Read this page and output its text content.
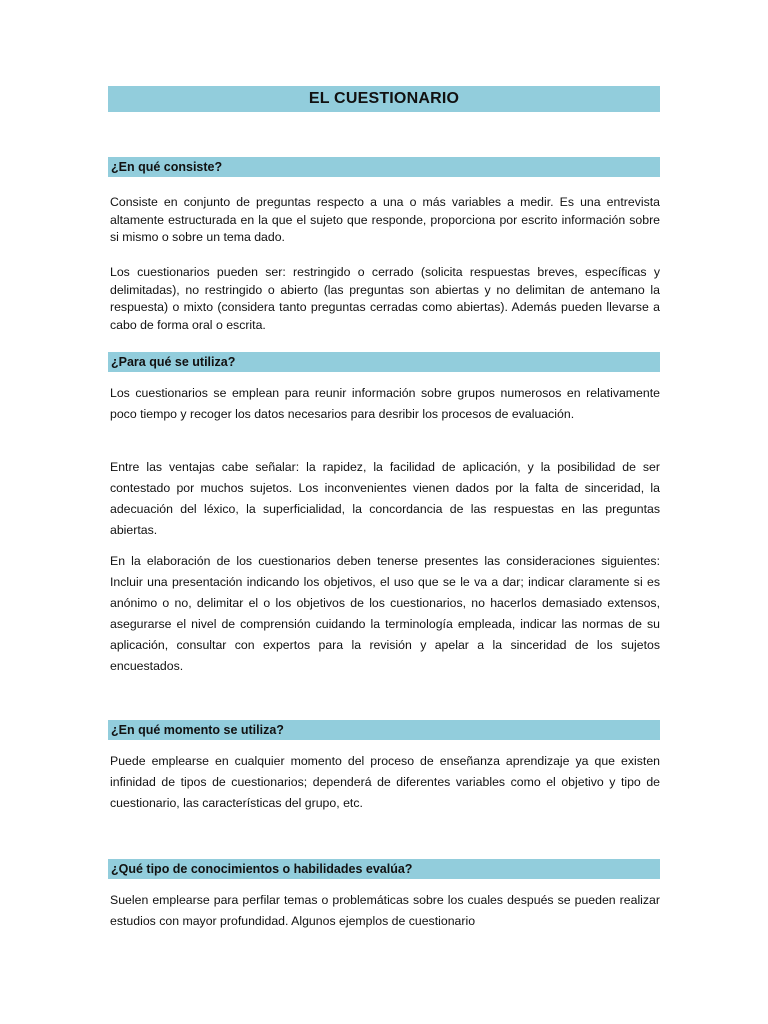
EL CUESTIONARIO
¿En qué consiste?

Consiste en conjunto de preguntas respecto a una o más variables a medir. Es una entrevista altamente estructurada en la que el sujeto que responde, proporciona por escrito información sobre si mismo o sobre un tema dado.

Los cuestionarios pueden ser: restringido o cerrado (solicita respuestas breves, específicas y delimitadas), no restringido o abierto (las preguntas son abiertas y no delimitan de antemano la respuesta) o mixto (considera tanto preguntas cerradas como abiertas). Además pueden llevarse a cabo de forma oral o escrita.

¿Para qué se utiliza?

Los cuestionarios se emplean para reunir información sobre grupos numerosos en relativamente poco tiempo y recoger los datos necesarios para desribir los procesos de evaluación.

Entre las ventajas cabe señalar: la rapidez, la facilidad de aplicación, y la posibilidad de ser contestado por muchos sujetos. Los inconvenientes vienen dados por la falta de sinceridad, la adecuación del léxico, la superficialidad, la concordancia de las respuestas en las preguntas abiertas.

En la elaboración de los cuestionarios deben tenerse presentes las consideraciones siguientes: Incluir una presentación indicando los objetivos, el uso que se le va a dar; indicar claramente si es anónimo o no, delimitar el o los objetivos de los cuestionarios, no hacerlos demasiado extensos, asegurarse el nivel de comprensión cuidando la terminología empleada, indicar las normas de su aplicación, consultar con expertos para la revisión y apelar a la sinceridad de los sujetos encuestados.

¿En qué momento se utiliza?

Puede emplearse en cualquier momento del proceso de enseñanza aprendizaje ya que existen infinidad de tipos de cuestionarios; dependerá de diferentes variables como el objetivo y tipo de cuestionario, las características del grupo, etc.

¿Qué tipo de conocimientos o habilidades evalúa?

Suelen emplearse para perfilar temas o problemáticas sobre los cuales después se pueden realizar estudios con mayor profundidad. Algunos ejemplos de cuestionario
